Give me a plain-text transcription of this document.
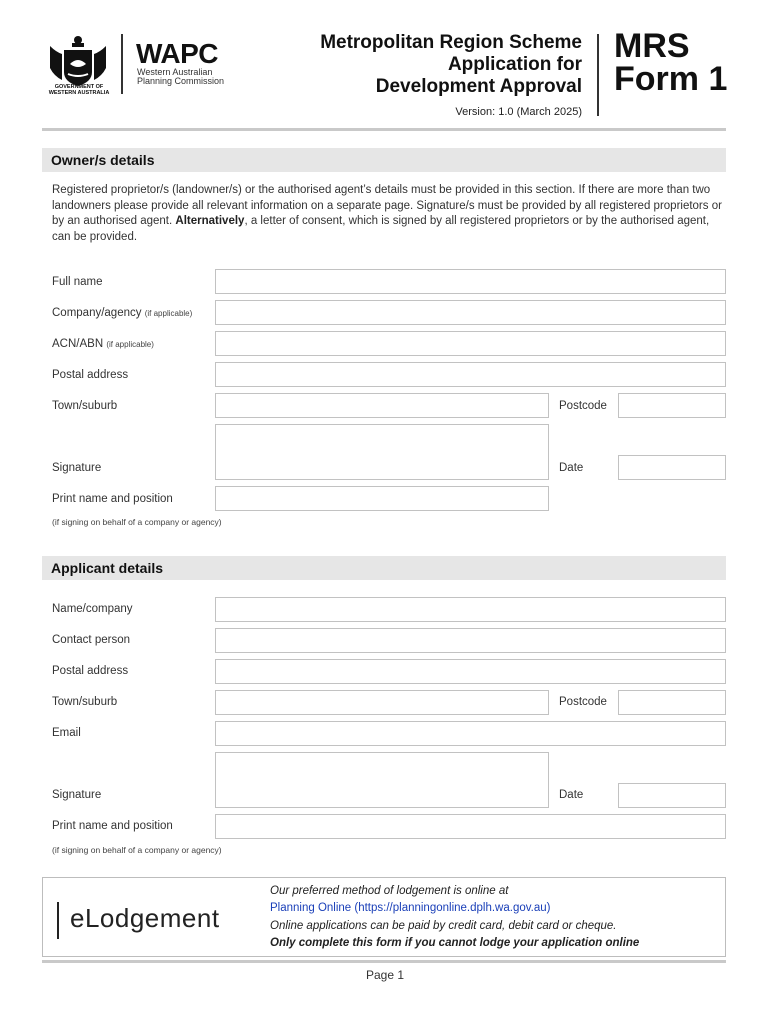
GOVERNMENT OF
WESTERN AUSTRALIA
WAPC
Western Australian
Planning Commission
Metropolitan Region Scheme
Application for
Development Approval
Version: 1.0 (March 2025)
MRS
Form 1
Owner/s details
Registered proprietor/s (landowner/s) or the authorised agent’s details must be provided in this section. If there are more than two landowners please provide all relevant information on a separate page. Signature/s must be provided by all registered proprietors or by an authorised agent. Alternatively, a letter of consent, which is signed by all registered proprietors or by the authorised agent, can be provided.
Full name
Company/agency (if applicable)
ACN/ABN (if applicable)
Postal address
Town/suburb	Postcode
Signature	Date
Print name and position
(if signing on behalf of a company or agency)
Applicant details
Name/company
Contact person
Postal address
Town/suburb	Postcode
Email
Signature	Date
Print name and position
(if signing on behalf of a company or agency)
eLodgement
Our preferred method of lodgement is online at
Planning Online (https://planningonline.dplh.wa.gov.au)
Online applications can be paid by credit card, debit card or cheque.
Only complete this form if you cannot lodge your application online
Page 1
